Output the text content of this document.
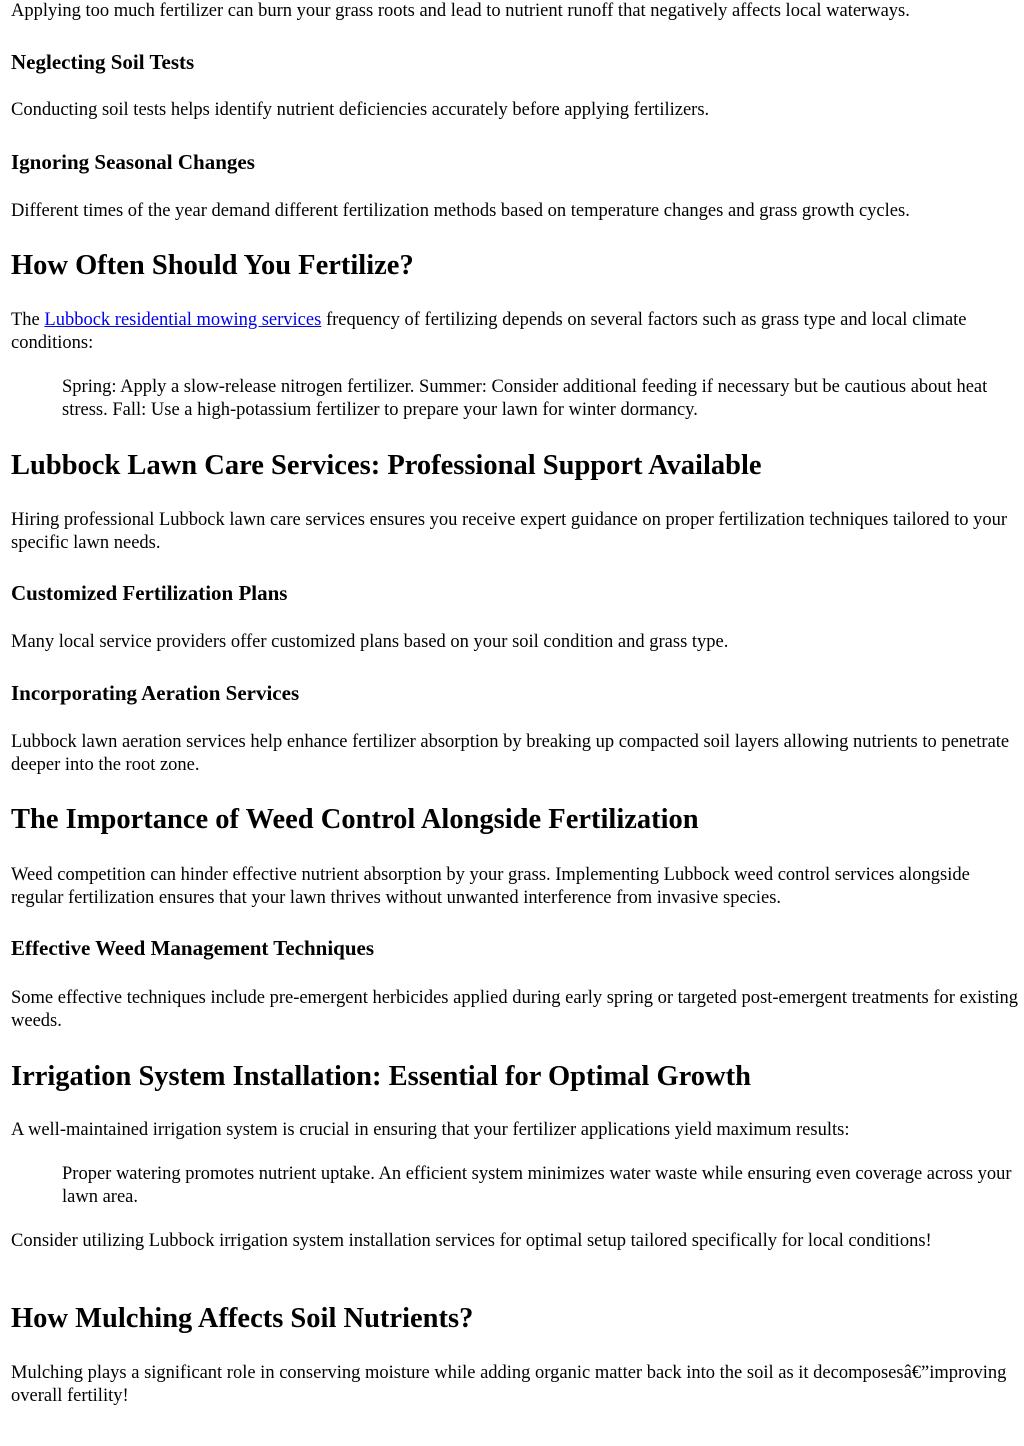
Applying too much fertilizer can burn your grass roots and lead to nutrient runoff that negatively affects local waterways.

Neglecting Soil Tests

Conducting soil tests helps identify nutrient deficiencies accurately before applying fertilizers.

Ignoring Seasonal Changes

Different times of the year demand different fertilization methods based on temperature changes and grass growth cycles.

How Often Should You Fertilize?

The Lubbock residential mowing services frequency of fertilizing depends on several factors such as grass type and local climate conditions:

Spring: Apply a slow-release nitrogen fertilizer. Summer: Consider additional feeding if necessary but be cautious about heat stress. Fall: Use a high-potassium fertilizer to prepare your lawn for winter dormancy.

Lubbock Lawn Care Services: Professional Support Available

Hiring professional Lubbock lawn care services ensures you receive expert guidance on proper fertilization techniques tailored to your specific lawn needs.

Customized Fertilization Plans

Many local service providers offer customized plans based on your soil condition and grass type.

Incorporating Aeration Services

Lubbock lawn aeration services help enhance fertilizer absorption by breaking up compacted soil layers allowing nutrients to penetrate deeper into the root zone.

The Importance of Weed Control Alongside Fertilization

Weed competition can hinder effective nutrient absorption by your grass. Implementing Lubbock weed control services alongside regular fertilization ensures that your lawn thrives without unwanted interference from invasive species.

Effective Weed Management Techniques

Some effective techniques include pre-emergent herbicides applied during early spring or targeted post-emergent treatments for existing weeds.

Irrigation System Installation: Essential for Optimal Growth

A well-maintained irrigation system is crucial in ensuring that your fertilizer applications yield maximum results:

Proper watering promotes nutrient uptake. An efficient system minimizes water waste while ensuring even coverage across your lawn area.

Consider utilizing Lubbock irrigation system installation services for optimal setup tailored specifically for local conditions!

How Mulching Affects Soil Nutrients?

Mulching plays a significant role in conserving moisture while adding organic matter back into the soil as it decomposesâ€”improving overall fertility!
